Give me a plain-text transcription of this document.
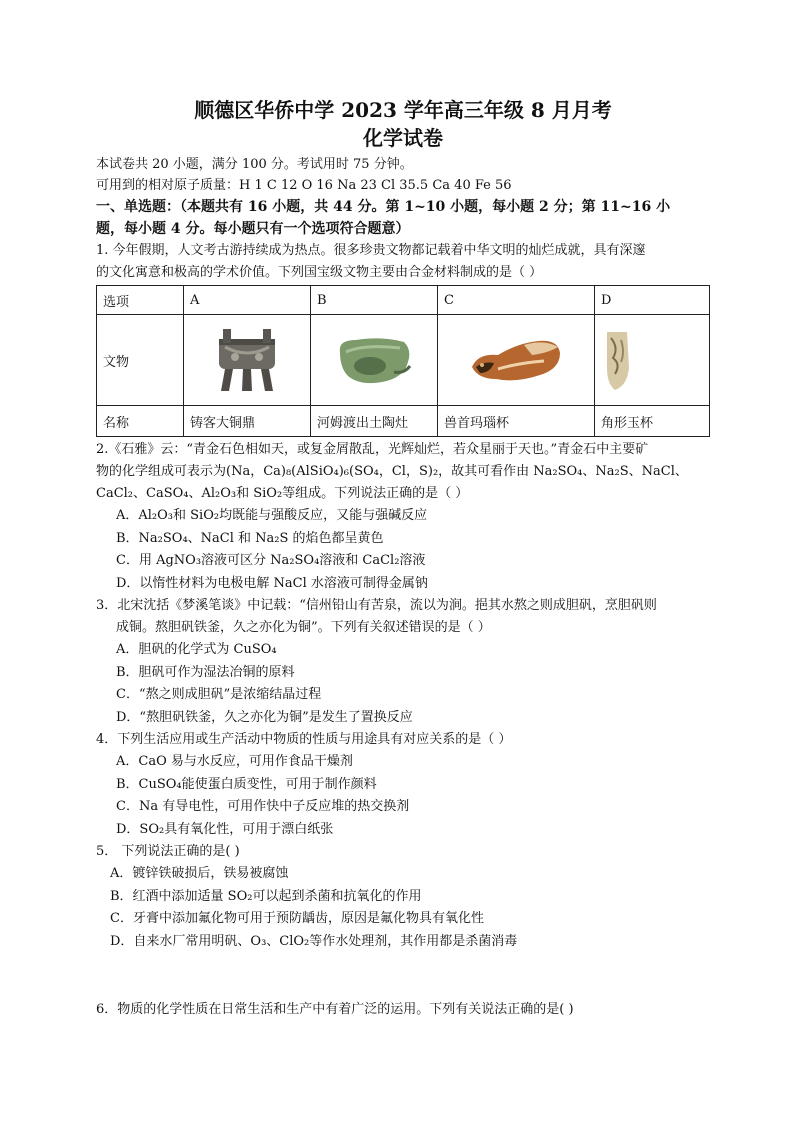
顺德区华侨中学 2023 学年高三年级 8 月月考

化学试卷

本试卷共 20 小题，满分 100 分。考试用时 75 分钟。

可用到的相对原子质量：H 1 C 12 O 16 Na 23 Cl 35.5 Ca 40 Fe 56

一、单选题：（本题共有 16 小题，共 44 分。第 1~10 小题，每小题 2 分；第 11~16 小

题，每小题 4 分。每小题只有一个选项符合题意）

1. 今年假期，人文考古游持续成为热点。很多珍贵文物都记载着中华文明的灿烂成就，具有深邃

的文化寓意和极高的学术价值。下列国宝级文物主要由合金材料制成的是（ ）

选项	A	B	C	D
文物	

名称	铸客大铜鼎	河姆渡出土陶灶	兽首玛瑙杯	角形玉杯

2.《石雅》云：“青金石色相如天，或复金屑散乱，光辉灿烂，若众星丽于天也。”青金石中主要矿

物的化学组成可表示为(Na，Ca)₈(AlSiO₄)₆(SO₄，Cl，S)₂，故其可看作由 Na₂SO₄、Na₂S、NaCl、

CaCl₂、CaSO₄、Al₂O₃和 SiO₂等组成。下列说法正确的是（ ）

A．Al₂O₃和 SiO₂均既能与强酸反应，又能与强碱反应

B．Na₂SO₄、NaCl 和 Na₂S 的焰色都呈黄色

C．用 AgNO₃溶液可区分 Na₂SO₄溶液和 CaCl₂溶液

D．以惰性材料为电极电解 NaCl 水溶液可制得金属钠

3．北宋沈括《梦溪笔谈》中记载：“信州铅山有苦泉，流以为涧。挹其水熬之则成胆矾，烹胆矾则

成铜。熬胆矾铁釜，久之亦化为铜”。下列有关叙述错误的是（ ）

A．胆矾的化学式为 CuSO₄

B．胆矾可作为湿法冶铜的原料

C．“熬之则成胆矾”是浓缩结晶过程

D．“熬胆矾铁釜，久之亦化为铜”是发生了置换反应

4．下列生活应用或生产活动中物质的性质与用途具有对应关系的是（ ）

A．CaO 易与水反应，可用作食品干燥剂

B．CuSO₄能使蛋白质变性，可用于制作颜料

C．Na 有导电性，可用作快中子反应堆的热交换剂

D．SO₂具有氧化性，可用于漂白纸张

5． 下列说法正确的是( )

A．镀锌铁破损后，铁易被腐蚀

B．红酒中添加适量 SO₂可以起到杀菌和抗氧化的作用

C．牙膏中添加氟化物可用于预防龋齿，原因是氟化物具有氧化性

D．自来水厂常用明矾、O₃、ClO₂等作水处理剂，其作用都是杀菌消毒

6．物质的化学性质在日常生活和生产中有着广泛的运用。下列有关说法正确的是( )
